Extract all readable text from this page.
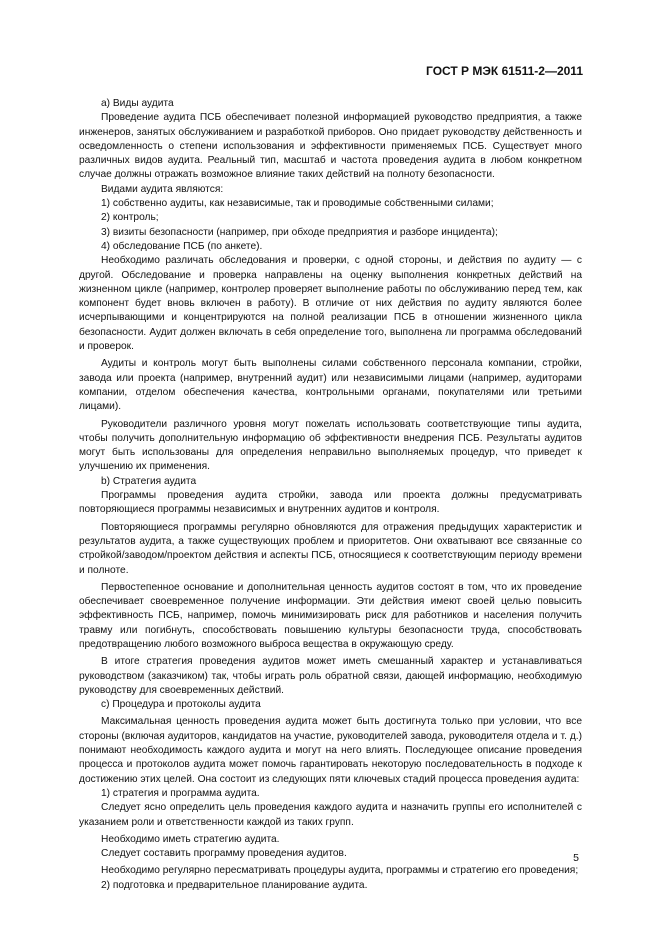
ГОСТ Р МЭК 61511-2—2011

а) Виды аудита

Проведение аудита ПСБ обеспечивает полезной информацией руководство предприятия, а также инженеров, занятых обслуживанием и разработкой приборов. Оно придает руководству действенность и осведомленность о степени использования и эффективности применяемых ПСБ. Существует много различных видов аудита. Реальный тип, масштаб и частота проведения аудита в любом конкретном случае должны отражать возможное влияние таких действий на полноту безопасности.

Видами аудита являются:

1) собственно аудиты, как независимые, так и проводимые собственными силами;

2) контроль;

3) визиты безопасности (например, при обходе предприятия и разборе инцидента);

4) обследование ПСБ (по анкете).

Необходимо различать обследования и проверки, с одной стороны, и действия по аудиту — с другой. Обследование и проверка направлены на оценку выполнения конкретных действий на жизненном цикле (например, контролер проверяет выполнение работы по обслуживанию перед тем, как компонент будет вновь включен в работу). В отличие от них действия по аудиту являются более исчерпывающими и концентрируются на полной реализации ПСБ в отношении жизненного цикла безопасности. Аудит должен включать в себя определение того, выполнена ли программа обследований и проверок.

Аудиты и контроль могут быть выполнены силами собственного персонала компании, стройки, завода или проекта (например, внутренний аудит) или независимыми лицами (например, аудиторами компании, отделом обеспечения качества, контрольными органами, покупателями или третьими лицами).

Руководители различного уровня могут пожелать использовать соответствующие типы аудита, чтобы получить дополнительную информацию об эффективности внедрения ПСБ. Результаты аудитов могут быть использованы для определения неправильно выполняемых процедур, что приведет к улучшению их применения.

b) Стратегия аудита

Программы проведения аудита стройки, завода или проекта должны предусматривать повторяющиеся программы независимых и внутренних аудитов и контроля.

Повторяющиеся программы регулярно обновляются для отражения предыдущих характеристик и результатов аудита, а также существующих проблем и приоритетов. Они охватывают все связанные со стройкой/заводом/проектом действия и аспекты ПСБ, относящиеся к соответствующим периоду времени и полноте.

Первостепенное основание и дополнительная ценность аудитов состоят в том, что их проведение обеспечивает своевременное получение информации. Эти действия имеют своей целью повысить эффективность ПСБ, например, помочь минимизировать риск для работников и населения получить травму или погибнуть, способствовать повышению культуры безопасности труда, способствовать предотвращению любого возможного выброса вещества в окружающую среду.

В итоге стратегия проведения аудитов может иметь смешанный характер и устанавливаться руководством (заказчиком) так, чтобы играть роль обратной связи, дающей информацию, необходимую руководству для своевременных действий.

c) Процедура и протоколы аудита

Максимальная ценность проведения аудита может быть достигнута только при условии, что все стороны (включая аудиторов, кандидатов на участие, руководителей завода, руководителя отдела и т. д.) понимают необходимость каждого аудита и могут на него влиять. Последующее описание проведения процесса и протоколов аудита может помочь гарантировать некоторую последовательность в подходе к достижению этих целей. Она состоит из следующих пяти ключевых стадий процесса проведения аудита:

1) стратегия и программа аудита.

Следует ясно определить цель проведения каждого аудита и назначить группы его исполнителей с указанием роли и ответственности каждой из таких групп.

Необходимо иметь стратегию аудита.

Следует составить программу проведения аудитов.

Необходимо регулярно пересматривать процедуры аудита, программы и стратегию его проведения;

2) подготовка и предварительное планирование аудита.

5
